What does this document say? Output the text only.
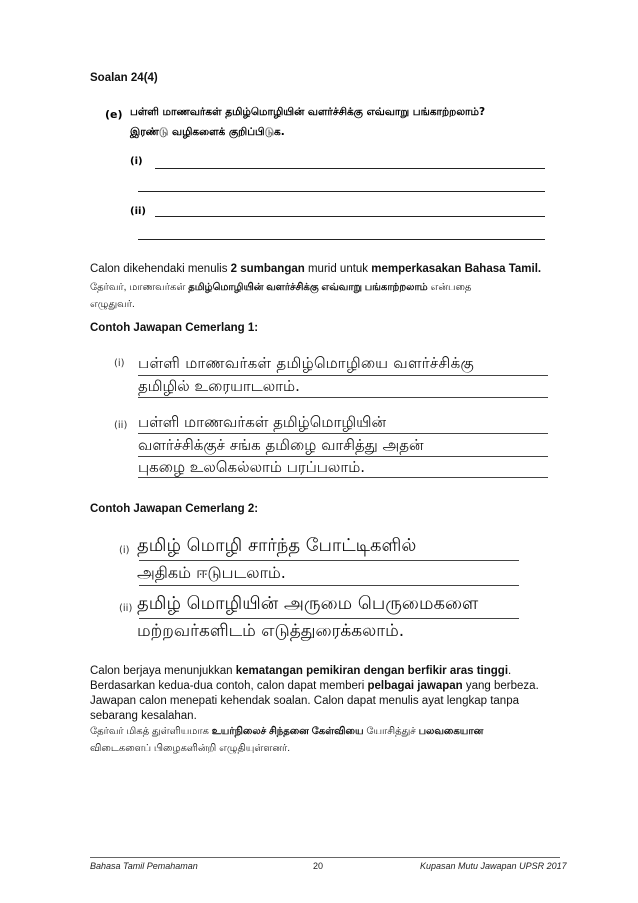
Soalan 24(4)
(e) பள்ளி மாணவர்கள் தமிழ்மொழியின் வளர்ச்சிக்கு எவ்வாறு பங்காற்றலாம்?
இரண்டு வழிகளைக் குறிப்பிடுக.
(i)
(ii)
Calon dikehendaki menulis 2 sumbangan murid untuk memperkasakan Bahasa Tamil.
தேர்வர், மாணவர்கள் தமிழ்மொழியின் வளர்ச்சிக்கு எவ்வாறு பங்காற்றலாம் என்பதை
எழுதுவர்.
Contoh Jawapan Cemerlang 1:
(i) பள்ளி மாணவர்கள் தமிழ்மொழியை வளர்ச்சிக்கு
தமிழில் உரையாடலாம்.
(ii) பள்ளி மாணவர்கள் தமிழ்மொழியின்
வளர்ச்சிக்குச் சங்க தமிழை வாசித்து அதன்
புகழை உலகெல்லாம் பரப்பலாம்.
Contoh Jawapan Cemerlang 2:
(i) தமிழ் மொழி சார்ந்த போட்டிகளில்
அதிகம் ஈடுபடலாம்.
(ii) தமிழ் மொழியின் அருமை பெருமைகளை
மற்றவர்களிடம் எடுத்துரைக்கலாம்.
Calon berjaya menunjukkan kematangan pemikiran dengan berfikir aras tinggi.
Berdasarkan kedua-dua contoh, calon dapat memberi pelbagai jawapan yang berbeza.
Jawapan calon menepati kehendak soalan. Calon dapat menulis ayat lengkap tanpa
sebarang kesalahan.
தேர்வர் மிகத் துள்ளியமாக உயர்நிலைச் சிந்தனை கேள்வியை யோசித்துச் பலவகையான
விடைகளைப் பிழைகளின்றி எழுதியுள்ளனர்.
Bahasa Tamil Pemahaman	20	Kupasan Mutu Jawapan UPSR 2017
